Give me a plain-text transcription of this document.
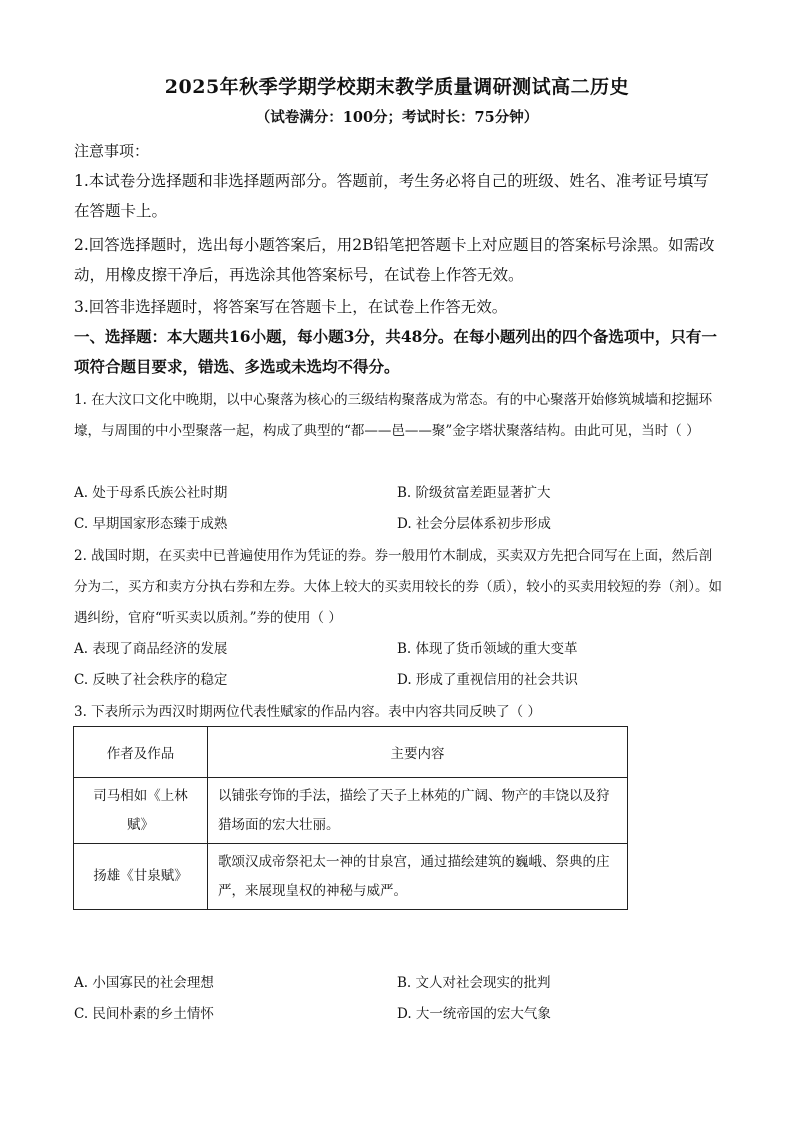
2025年秋季学期学校期末教学质量调研测试高二历史
（试卷满分：100分；考试时长：75分钟）
注意事项：
1.本试卷分选择题和非选择题两部分。答题前，考生务必将自己的班级、姓名、准考证号填写在答题卡上。
2.回答选择题时，选出每小题答案后，用2B铅笔把答题卡上对应题目的答案标号涂黑。如需改动，用橡皮擦干净后，再选涂其他答案标号，在试卷上作答无效。
3.回答非选择题时，将答案写在答题卡上，在试卷上作答无效。
一、选择题：本大题共16小题，每小题3分，共48分。在每小题列出的四个备选项中，只有一项符合题目要求，错选、多选或未选均不得分。
1. 在大汶口文化中晚期，以中心聚落为核心的三级结构聚落成为常态。有的中心聚落开始修筑城墙和挖掘环壕，与周围的中小型聚落一起，构成了典型的“都——邑——聚”金字塔状聚落结构。由此可见，当时（ ）
A. 处于母系氏族公社时期	B. 阶级贫富差距显著扩大
C. 早期国家形态臻于成熟	D. 社会分层体系初步形成
2. 战国时期，在买卖中已普遍使用作为凭证的券。券一般用竹木制成，买卖双方先把合同写在上面，然后剖分为二，买方和卖方分执右券和左券。大体上较大的买卖用较长的券（质），较小的买卖用较短的券（剂）。如遇纠纷，官府“听买卖以质剂。”券的使用（ ）
A. 表现了商品经济的发展	B. 体现了货币领域的重大变革
C. 反映了社会秩序的稳定	D. 形成了重视信用的社会共识
3. 下表所示为西汉时期两位代表性赋家的作品内容。表中内容共同反映了（ ）
作者及作品	主要内容
司马相如《上林赋》	以铺张夸饰的手法，描绘了天子上林苑的广阔、物产的丰饶以及狩猎场面的宏大壮丽。
扬雄《甘泉赋》	歌颂汉成帝祭祀太一神的甘泉宫，通过描绘建筑的巍峨、祭典的庄严，来展现皇权的神秘与威严。
A. 小国寡民的社会理想	B. 文人对社会现实的批判
C. 民间朴素的乡土情怀	D. 大一统帝国的宏大气象
